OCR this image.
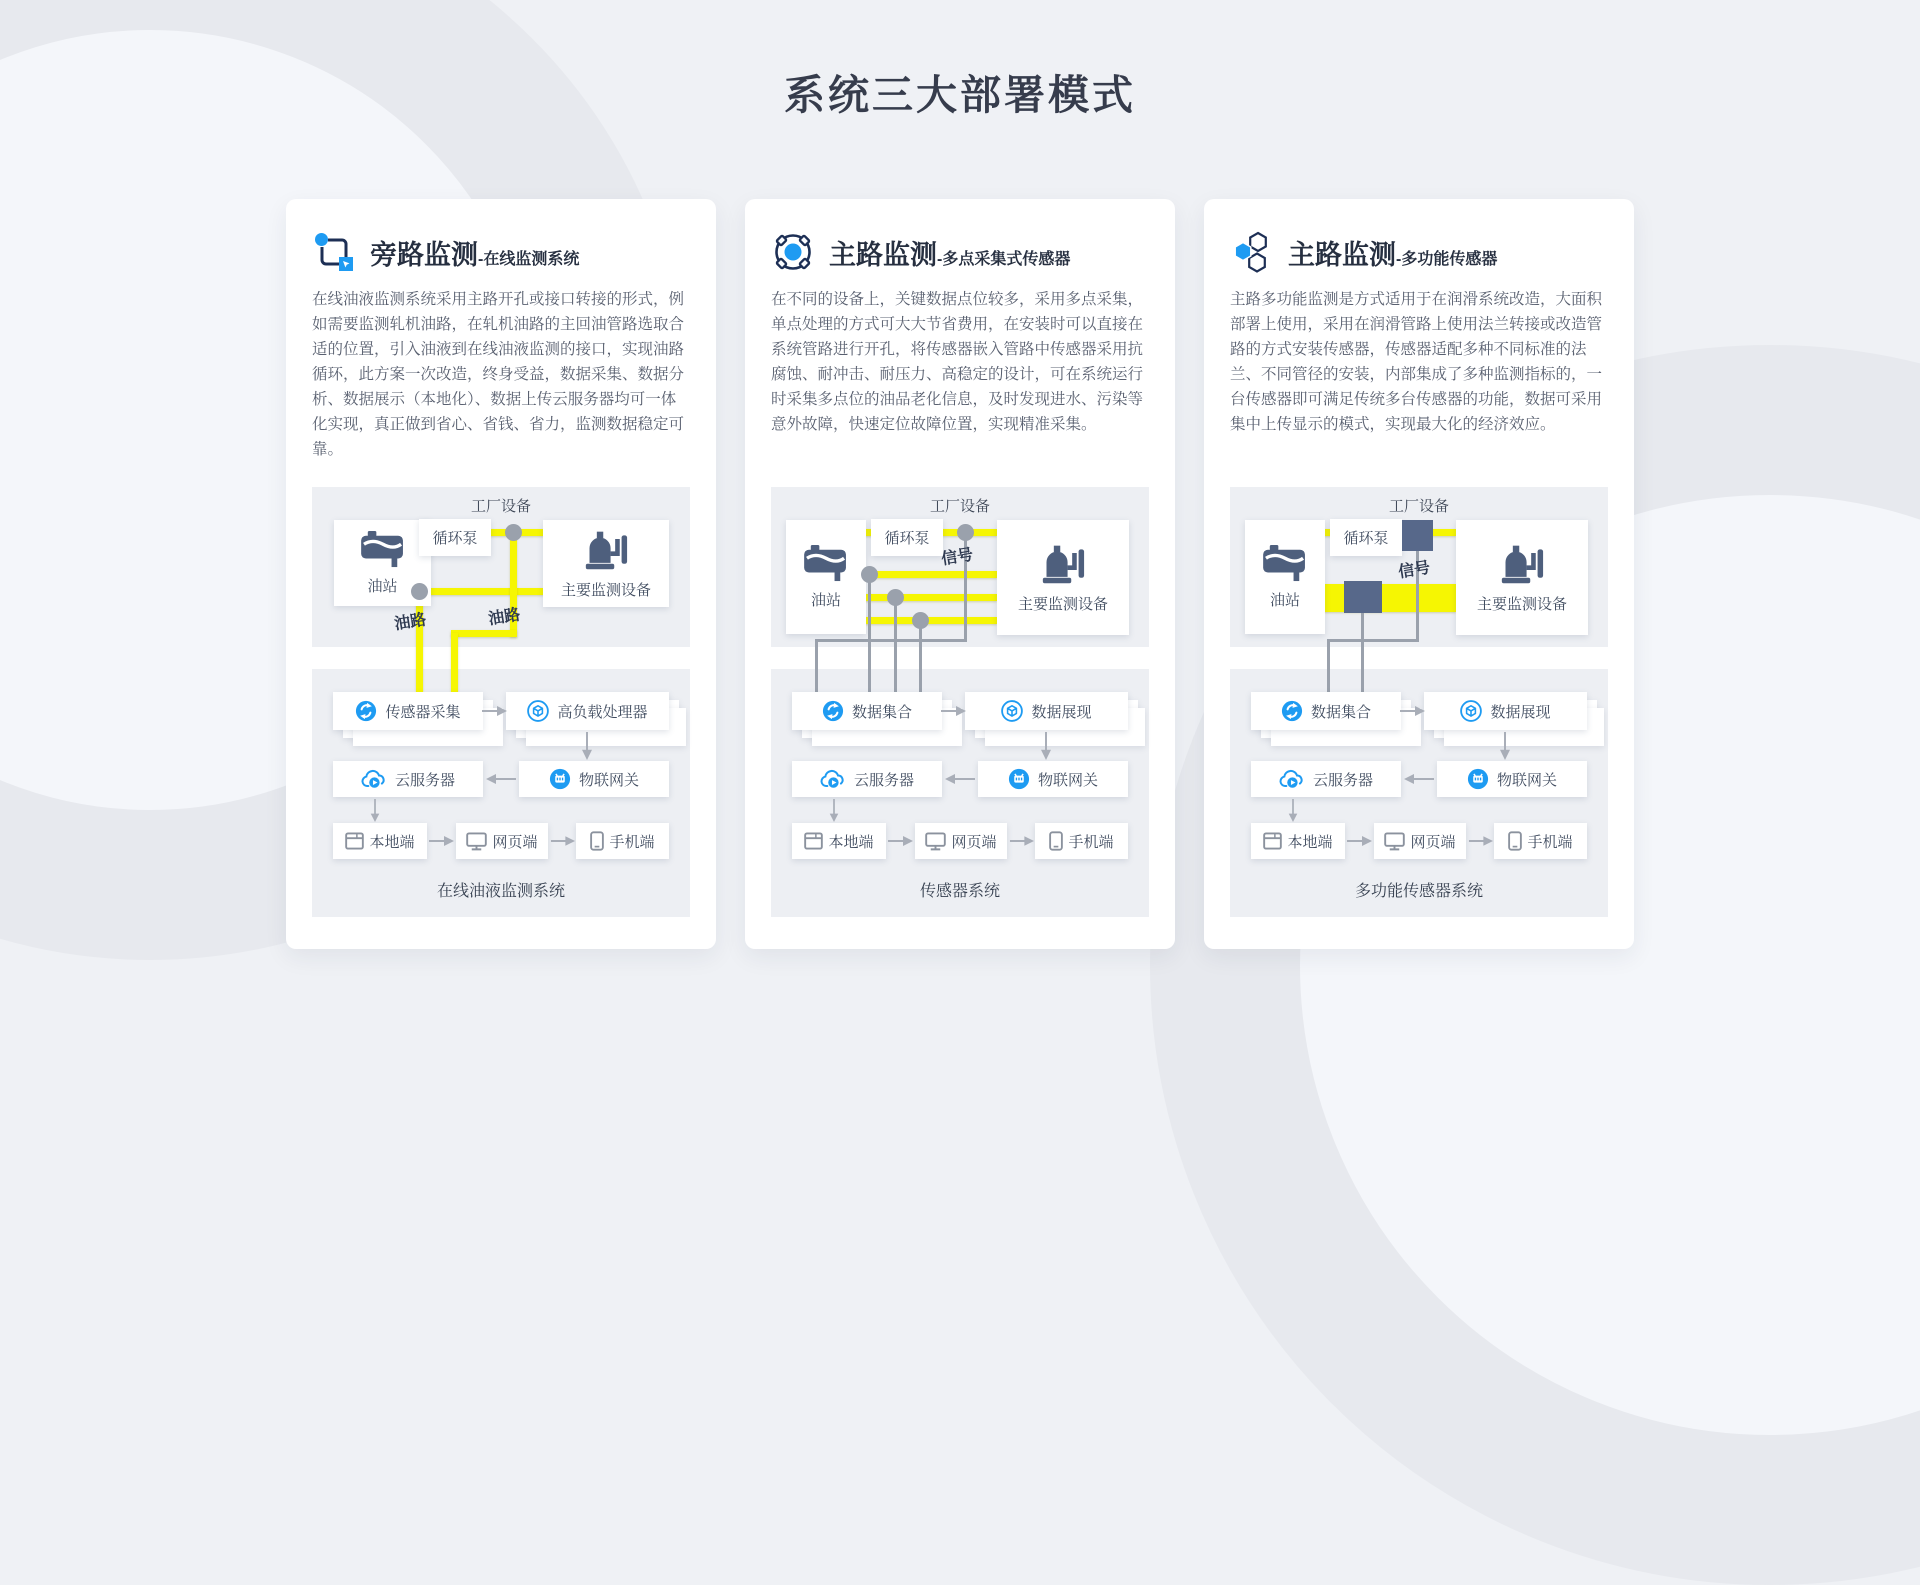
系统三大部署模式
旁路监测-在线监测系统

在线油液监测系统采用主路开孔或接口转接的形式，例如需要监测轧机油路，在轧机油路的主回油管路选取合适的位置，引入油液到在线油液监测的接口，实现油路循环，此方案一次改造，终身受益，数据采集、数据分析、数据展示（本地化）、数据上传云服务器均可一体化实现，真正做到省心、省钱、省力，监测数据稳定可靠。

工厂设备
油站
循环泵
主要监测设备
油路	油路
传感器采集	高负载处理器
云服务器	物联网关
本地端	网页端	手机端
在线油液监测系统
主路监测-多点采集式传感器

在不同的设备上，关键数据点位较多，采用多点采集，单点处理的方式可大大节省费用，在安装时可以直接在系统管路进行开孔，将传感器嵌入管路中传感器采用抗腐蚀、耐冲击、耐压力、高稳定的设计，可在系统运行时采集多点位的油品老化信息，及时发现进水、污染等意外故障，快速定位故障位置，实现精准采集。

工厂设备
油站
循环泵
主要监测设备
信号
数据集合	数据展现
云服务器	物联网关
本地端	网页端	手机端
传感器系统
主路监测-多功能传感器

主路多功能监测是方式适用于在润滑系统改造，大面积部署上使用，采用在润滑管路上使用法兰转接或改造管路的方式安装传感器，传感器适配多种不同标准的法兰、不同管径的安装，内部集成了多种监测指标的，一台传感器即可满足传统多台传感器的功能，数据可采用集中上传显示的模式，实现最大化的经济效应。

工厂设备
油站
循环泵
主要监测设备
信号
数据集合	数据展现
云服务器	物联网关
本地端	网页端	手机端
多功能传感器系统
